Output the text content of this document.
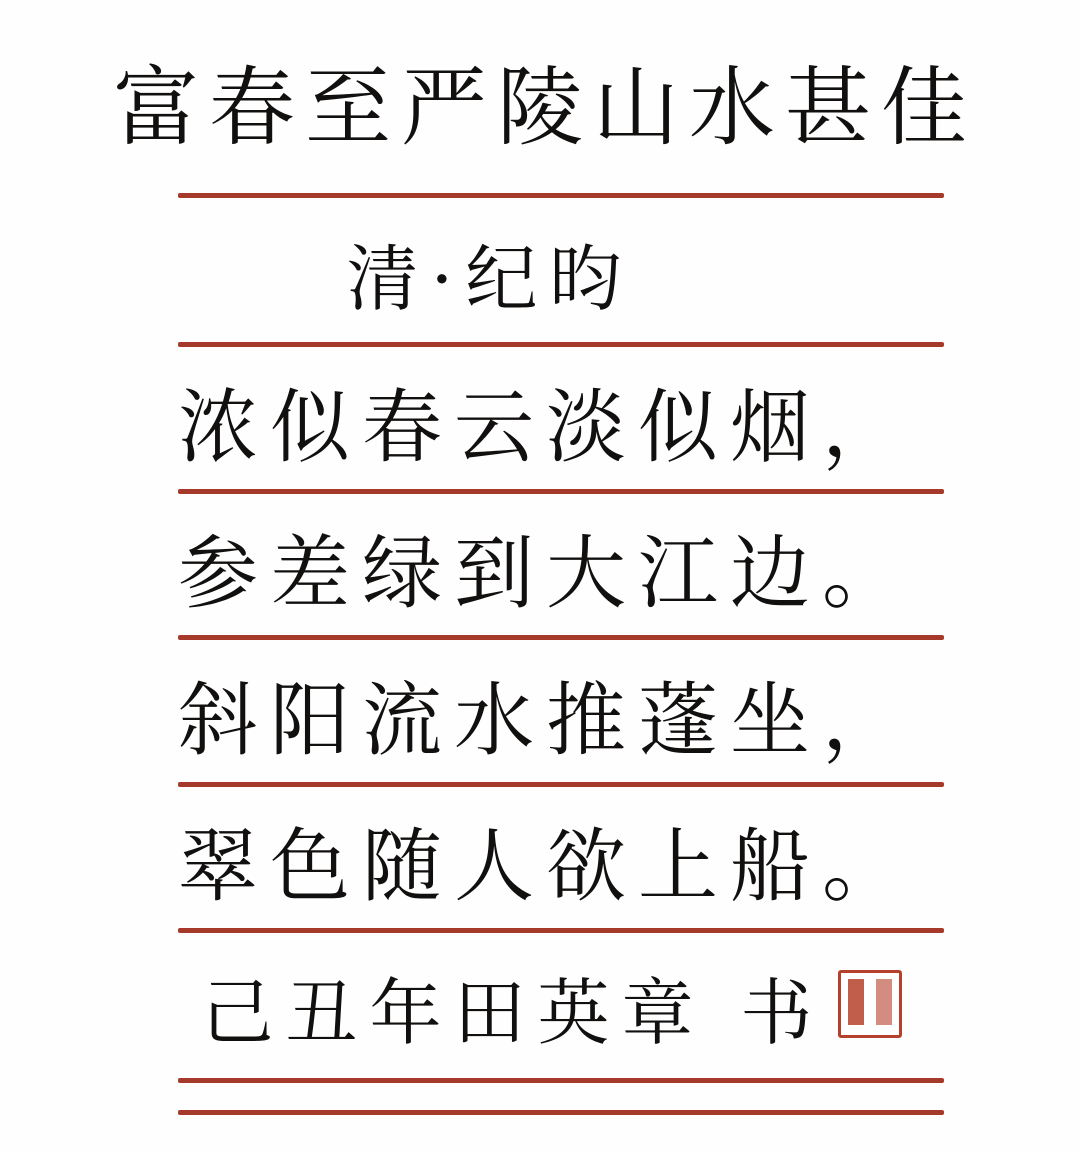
富春至严陵山水甚佳
清·纪昀
浓似春云淡似烟，
参差绿到大江边。
斜阳流水推蓬坐，
翠色随人欲上船。
己丑年田英章 书
